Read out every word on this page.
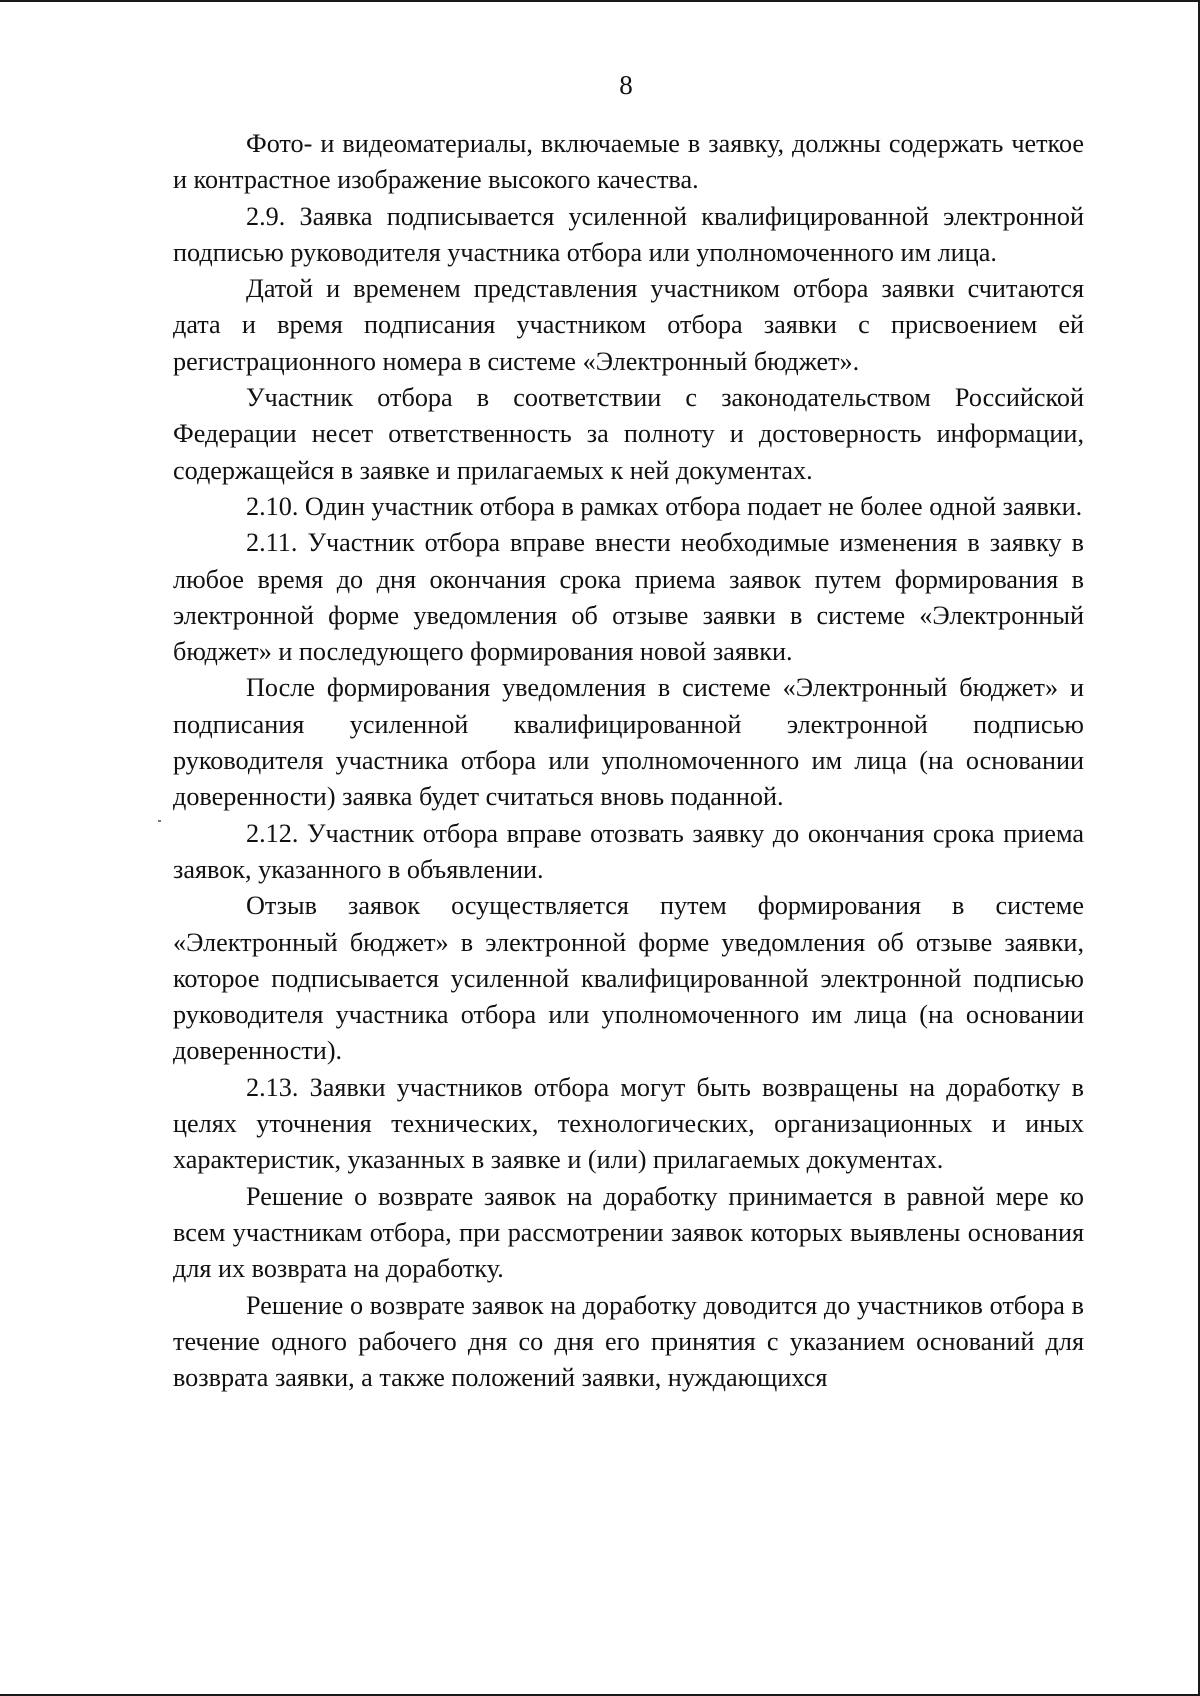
8

Фото- и видеоматериалы, включаемые в заявку, должны содержать четкое и контрастное изображение высокого качества.

2.9. Заявка подписывается усиленной квалифицированной электронной подписью руководителя участника отбора или уполномоченного им лица.

Датой и временем представления участником отбора заявки считаются дата и время подписания участником отбора заявки с присвоением ей регистрационного номера в системе «Электронный бюджет».

Участник отбора в соответствии с законодательством Российской Федерации несет ответственность за полноту и достоверность информации, содержащейся в заявке и прилагаемых к ней документах.

2.10. Один участник отбора в рамках отбора подает не более одной заявки.

2.11. Участник отбора вправе внести необходимые изменения в заявку в любое время до дня окончания срока приема заявок путем формирования в электронной форме уведомления об отзыве заявки в системе «Электронный бюджет» и последующего формирования новой заявки.

После формирования уведомления в системе «Электронный бюджет» и подписания усиленной квалифицированной электронной подписью руководителя участника отбора или уполномоченного им лица (на основании доверенности) заявка будет считаться вновь поданной.

2.12. Участник отбора вправе отозвать заявку до окончания срока приема заявок, указанного в объявлении.

Отзыв заявок осуществляется путем формирования в системе «Электронный бюджет» в электронной форме уведомления об отзыве заявки, которое подписывается усиленной квалифицированной электронной подписью руководителя участника отбора или уполномоченного им лица (на основании доверенности).

2.13. Заявки участников отбора могут быть возвращены на доработку в целях уточнения технических, технологических, организационных и иных характеристик, указанных в заявке и (или) прилагаемых документах.

Решение о возврате заявок на доработку принимается в равной мере ко всем участникам отбора, при рассмотрении заявок которых выявлены основания для их возврата на доработку.

Решение о возврате заявок на доработку доводится до участников отбора в течение одного рабочего дня со дня его принятия с указанием оснований для возврата заявки, а также положений заявки, нуждающихся
